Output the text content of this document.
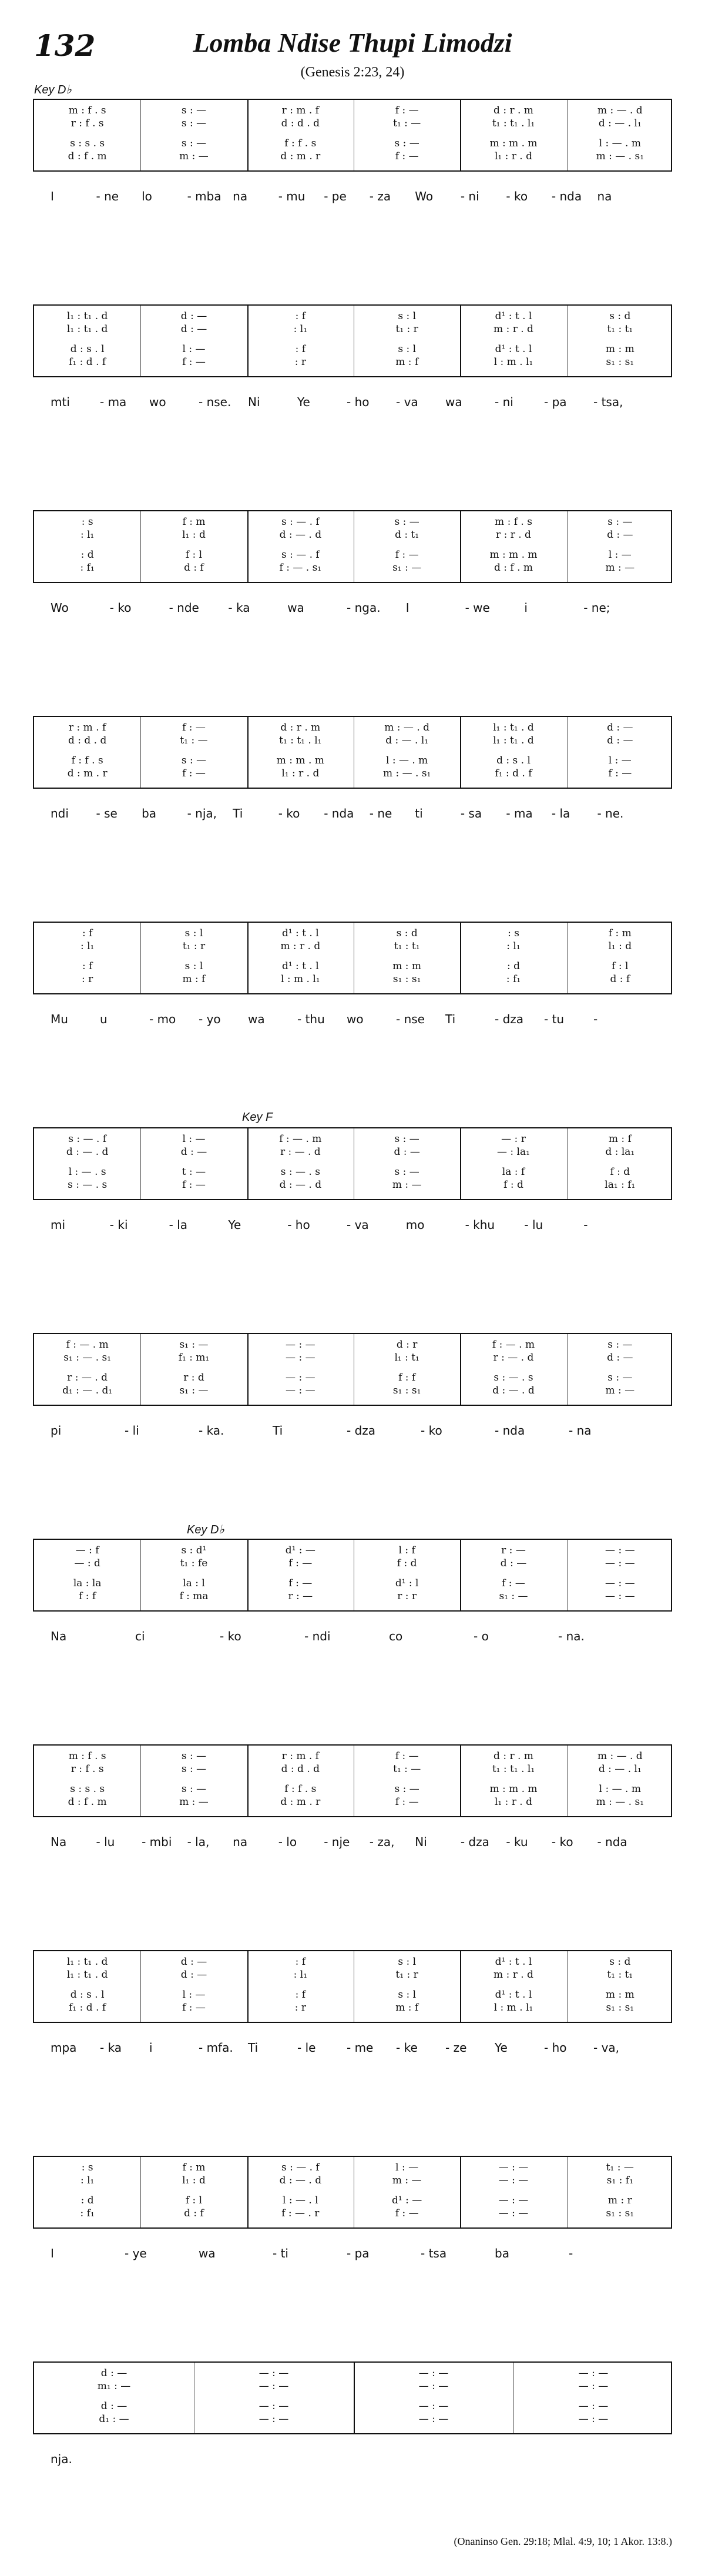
132	Lomba Ndise Thupi Limodzi
(Genesis 2:23, 24)
Key D♭
m : f . s	s : —	r : m . f	f : —	d : r . m	m : — . d
r : f . s	s : —	d : d . d	t₁ : —	t₁ : t₁ . l₁	d : — . l₁
s : s . s	s : —	f : f . s	s : —	m : m . m	l : — . m
d : f . m	m : —	d : m . r	f : —	l₁ : r . d	m : — . s₁
I	- ne lo	- mba na	- mu - pe - za Wo - ni - ko - nda na
l₁ : t₁ . d	d : —	: f	s : l	d¹ : t . l	s : d
l₁ : t₁ . d	d : —	: l₁	t₁ : r	m : r . d	t₁ : t₁
d : s . l	l : —	: f	s : l	d¹ : t . l	m : m
f₁ : d . f	f : —	: r	m : f	l : m . l₁	s₁ : s₁
mti	- ma wo	- nse. Ni	Ye	- ho - va wa	- ni	- pa - tsa,
: s	f : m	s : — . f	s : —	m : f . s	s : —
: l₁	l₁ : d	d : — . d	d : t₁	r : r . d	d : —
: d	f : l	s : — . f	f : —	m : m . m	l : —
: f₁	d : f	f : — . s₁	s₁ : —	d : f . m	m : —
Wo	- ko	- nde - ka	wa	- nga. I	- we	i	- ne;
r : m . f	f : —	d : r . m	m : — . d	l₁ : t₁ . d	d : —
d : d . d	t₁ : —	t₁ : t₁ . l₁	d : — . l₁	l₁ : t₁ . d	d : —
f : f . s	s : —	m : m . m	l : — . m	d : s . l	l : —
d : m . r	f : —	l₁ : r . d	m : — . s₁	f₁ : d . f	f : —
ndi - se ba	- nja, Ti	- ko - nda - ne ti	- sa - ma - la - ne.
: f	s : l	d¹ : t . l	s : d	: s	f : m
: l₁	t₁ : r	m : r . d	t₁ : t₁	: l₁	l₁ : d
: f	s : l	d¹ : t . l	m : m	: d	f : l
: r	m : f	l : m . l₁	s₁ : s₁	: f₁	d : f
Mu	u	- mo - yo wa	- thu wo	- nse Ti	- dza - tu -
Key F
s : — . f	l : —	f : — . m	s : —	— : r	m : f
d : — . d	d : —	r : — . d	d : —	— : la₁	d : la₁
l : — . s	t : —	s : — . s	s : —	la : f	f : d
s : — . s	f : —	d : — . d	m : —	f : d	la₁ : f₁
mi	- ki	- la	Ye	- ho	- va	mo	- khu	- lu	-
f : — . m	s₁ : —	— : —	d : r	f : — . m	s : —
s₁ : — . s₁	f₁ : m₁	— : —	l₁ : t₁	r : — . d	d : —
r : — . d	r : d	— : —	f : f	s : — . s	s : —
d₁ : — . d₁	s₁ : —	— : —	s₁ : s₁	d : — . d	m : —
pi	- li	- ka.	Ti	- dza	- ko	- nda	- na
Key D♭
— : f	s : d¹	d¹ : —	l : f	r : —	— : —
— : d	t₁ : fe	f : —	f : d	d : —	— : —
la : la	la : l	f : —	d¹ : l	f : —	— : —
f : f	f : ma	r : —	r : r	s₁ : —	— : —
Na	ci	- ko	- ndi	co	- o	- na.
m : f . s	s : —	r : m . f	f : —	d : r . m	m : — . d
r : f . s	s : —	d : d . d	t₁ : —	t₁ : t₁ . l₁	d : — . l₁
s : s . s	s : —	f : f . s	s : —	m : m . m	l : — . m
d : f . m	m : —	d : m . r	f : —	l₁ : r . d	m : — . s₁
Na	- lu - mbi - la, na	- lo - nje - za, Ni	- dza - ku - ko - nda
l₁ : t₁ . d	d : —	: f	s : l	d¹ : t . l	s : d
l₁ : t₁ . d	d : —	: l₁	t₁ : r	m : r . d	t₁ : t₁
d : s . l	l : —	: f	s : l	d¹ : t . l	m : m
f₁ : d . f	f : —	: r	m : f	l : m . l₁	s₁ : s₁
mpa - ka i	- mfa. Ti	- le	- me - ke - ze Ye	- ho - va,
: s	f : m	s : — . f	l : —	— : —	t₁ : —
: l₁	l₁ : d	d : — . d	m : —	— : —	s₁ : f₁
: d	f : l	l : — . l	d¹ : —	— : —	m : r
: f₁	d : f	f : — . r	f : —	— : —	s₁ : s₁
I	- ye	wa	- ti	- pa	- tsa	ba	-
d : —	— : —	— : —	— : —
m₁ : —	— : —	— : —	— : —
d : —	— : —	— : —	— : —
d₁ : —	— : —	— : —	— : —
nja.
(Onaninso Gen. 29:18; Mlal. 4:9, 10; 1 Akor. 13:8.)
